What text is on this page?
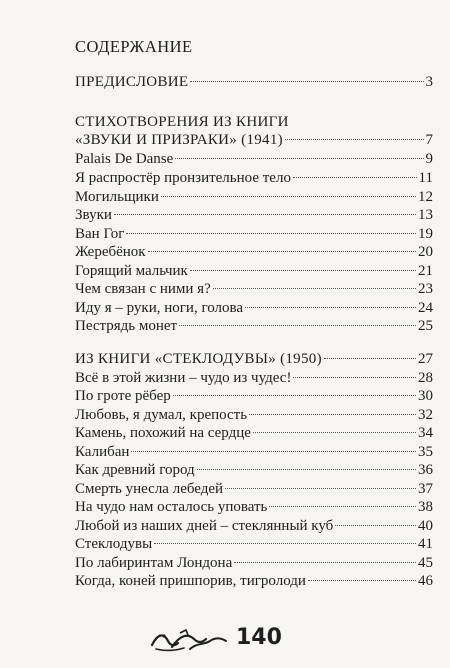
СОДЕРЖАНИЕ
ПРЕДИСЛОВИЕ	3
СТИХОТВОРЕНИЯ ИЗ КНИГИ
«ЗВУКИ И ПРИЗРАКИ» (1941)	7
Palais De Danse	9
Я распростёр пронзительное тело	11
Могильщики	12
Звуки	13
Ван Гог	19
Жеребёнок	20
Горящий мальчик	21
Чем связан с ними я?	23
Иду я – руки, ноги, голова	24
Пестрядь монет	25
ИЗ КНИГИ «СТЕКЛОДУВЫ» (1950)	27
Всё в этой жизни – чудо из чудес!	28
По гроте рёбер	30
Любовь, я думал, крепость	32
Камень, похожий на сердце	34
Калибан	35
Как древний город	36
Смерть унесла лебедей	37
На чудо нам осталось уповать	38
Любой из наших дней – стеклянный куб	40
Стеклодувы	41
По лабиринтам Лондона	45
Когда, коней пришпорив, тигролоди	46
140
